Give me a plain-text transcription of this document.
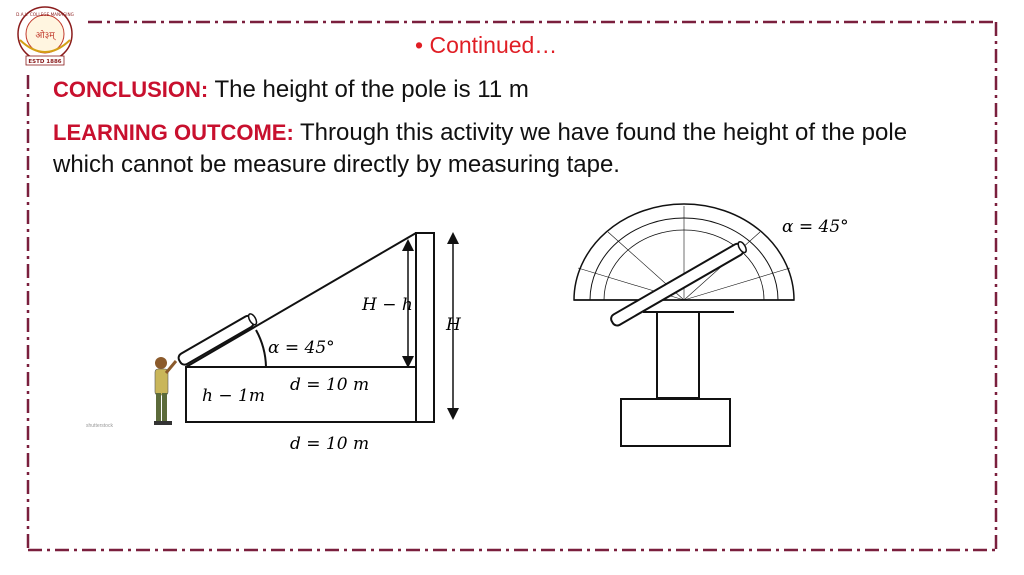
D.A.V. COLLEGE MANAGING
ओ३म्
ESTD 1886
• Continued…

CONCLUSION: The height of the pole is 11 m

LEARNING OUTCOME: Through this activity we have found the height of the pole which cannot be measure directly by measuring tape.

H − h
H
α = 45°
d = 10 m
h − 1m
d = 10 m
shutterstock
α = 45°
